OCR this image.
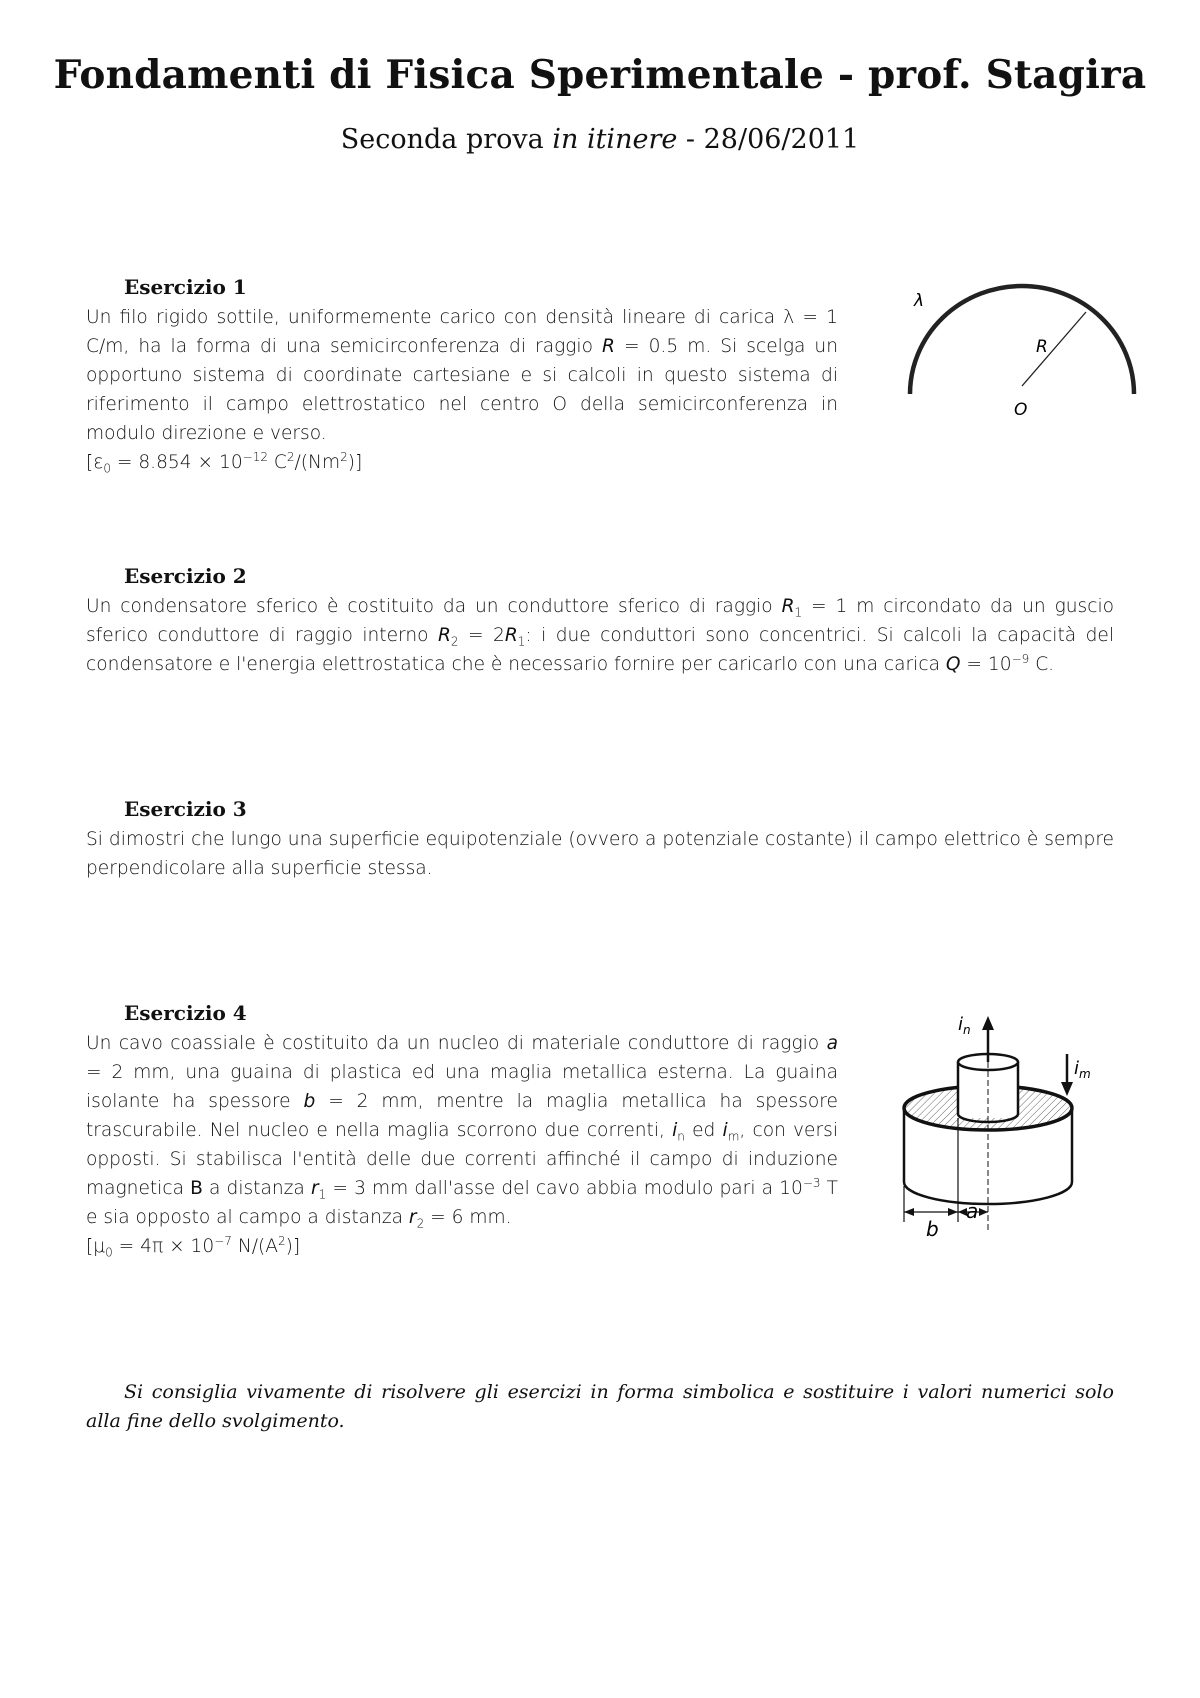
Fondamenti di Fisica Sperimentale - prof. Stagira
Seconda prova in itinere - 28/06/2011
Esercizio 1
Un filo rigido sottile, uniformemente carico con densità lineare di carica λ = 1 C/m, ha la forma di una semicirconferenza di raggio R = 0.5 m. Si scelga un opportuno sistema di coordinate cartesiane e si calcoli in questo sistema di riferimento il campo elettrostatico nel centro O della semicirconferenza in modulo direzione e verso.
[$\varepsilon_0 = 8.854 \times 10^{-12}$ $C^2/(Nm^2)$]
λ
R
O
Esercizio 2
Un condensatore sferico è costituito da un conduttore sferico di raggio $R_1 = 1$ m circondato da un guscio sferico conduttore di raggio interno $R_2 = 2R_1$: i due conduttori sono concentrici. Si calcoli la capacità del condensatore e l'energia elettrostatica che è necessario fornire per caricarlo con una carica $Q = 10^{-9}$ C.
Esercizio 3
Si dimostri che lungo una superficie equipotenziale (ovvero a potenziale costante) il campo elettrico è sempre perpendicolare alla superficie stessa.
Esercizio 4
Un cavo coassiale è costituito da un nucleo di materiale conduttore di raggio a = 2 mm, una guaina di plastica ed una maglia metallica esterna. La guaina isolante ha spessore b = 2 mm, mentre la maglia metallica ha spessore trascurabile. Nel nucleo e nella maglia scorrono due correnti, $i_n$ ed $i_m$, con versi opposti. Si stabilisca l'entità delle due correnti affinché il campo di induzione magnetica B a distanza $r_1 = 3$ mm dall'asse del cavo abbia modulo pari a $10^{-3}$ T e sia opposto al campo a distanza $r_2 = 6$ mm.
[$\mu_0 = 4\pi \times 10^{-7}$ $N/(A^2)$]
$i_n$
$i_m$
b
a
Si consiglia vivamente di risolvere gli esercizi in forma simbolica e sostituire i valori numerici solo alla fine dello svolgimento.
